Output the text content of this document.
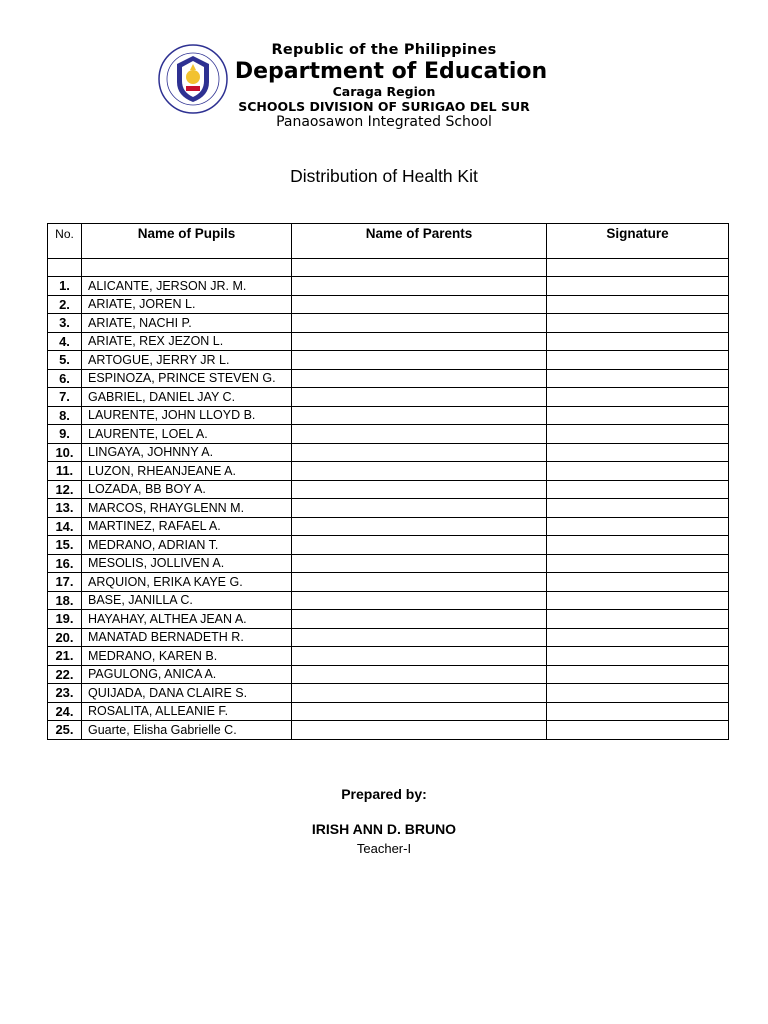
Republic of the Philippines
Department of Education
Caraga Region
SCHOOLS DIVISION OF SURIGAO DEL SUR
Panaosawon Integrated School
Distribution of Health Kit
No.	Name of Pupils	Name of Parents	Signature

1.	ALICANTE, JERSON JR. M.		
2.	ARIATE, JOREN L.		
3.	ARIATE, NACHI P.		
4.	ARIATE, REX JEZON L.		
5.	ARTOGUE, JERRY JR L.		
6.	ESPINOZA, PRINCE STEVEN G.		
7.	GABRIEL, DANIEL JAY C.		
8.	LAURENTE, JOHN LLOYD B.		
9.	LAURENTE, LOEL A.		
10.	LINGAYA, JOHNNY A.		
11.	LUZON, RHEANJEANE A.		
12.	LOZADA, BB BOY A.		
13.	MARCOS, RHAYGLENN M.		
14.	MARTINEZ, RAFAEL A.		
15.	MEDRANO, ADRIAN T.		
16.	MESOLIS, JOLLIVEN A.		
17.	ARQUION, ERIKA KAYE G.		
18.	BASE, JANILLA C.		
19.	HAYAHAY, ALTHEA JEAN A.		
20.	MANATAD BERNADETH R.		
21.	MEDRANO, KAREN B.		
22.	PAGULONG, ANICA A.		
23.	QUIJADA, DANA CLAIRE S.		
24.	ROSALITA, ALLEANIE F.		
25.	Guarte, Elisha Gabrielle C.		
Prepared by:
IRISH ANN D. BRUNO
Teacher-I
